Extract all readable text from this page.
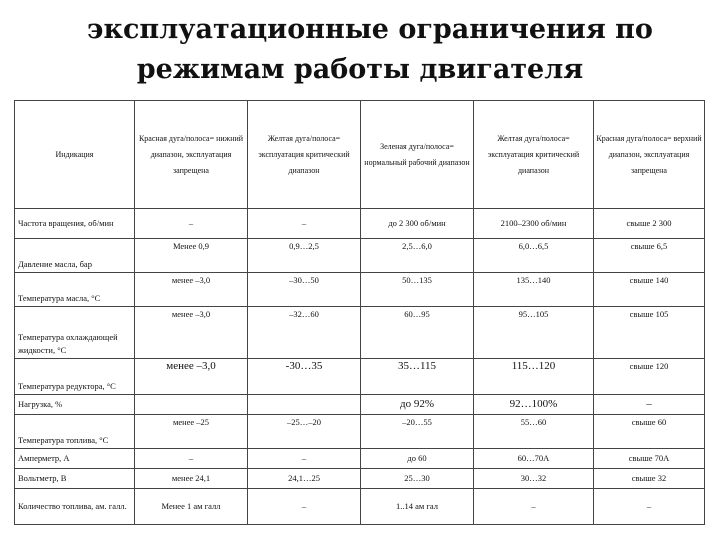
эксплуатационные ограничения по
режимам работы двигателя
Индикация	Красная дуга/полоса= нижний диапазон, эксплуатация запрещена	Желтая дуга/полоса= эксплуатация критический диапазон	Зеленая дуга/полоса= нормальный рабочий диапазон	Желтая дуга/полоса= эксплуатация критический диапазон	Красная дуга/полоса= верхний диапазон, эксплуатация запрещена
Частота вращения, об/мин	–	–	до 2 300 об/мин	2100–2300 об/мин	свыше 2 300
Давление масла, бар	Менее 0,9	0,9…2,5	2,5…6,0	6,0…6,5	свыше 6,5
Температура масла, °С	менее –3,0	–30…50	50…135	135…140	свыше 140
Температура охлаждающей жидкости, °С	менее –3,0	–32…60	60…95	95…105	свыше 105
Температура редуктора, °С	менее –3,0	-30…35	35…115	115…120	свыше 120
Нагрузка, %			до 92%	92…100%	–
Температура топлива, °С	менее –25	–25…–20	–20…55	55…60	свыше 60
Амперметр, А	–	–	до 60	60…70А	свыше 70А
Вольтметр, В	менее 24,1	24,1…25	25…30	30…32	свыше 32
Количество топлива, ам. галл.	Менее 1 ам галл	–	1..14 ам гал	–	–
